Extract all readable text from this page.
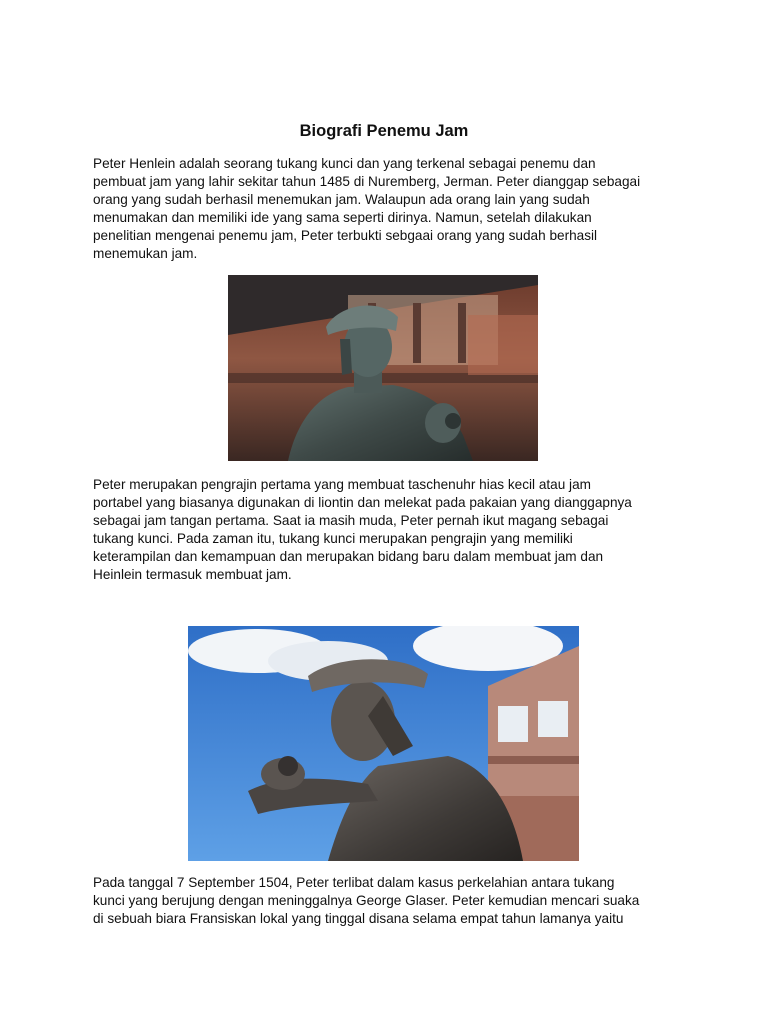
Biografi Penemu Jam
Peter Henlein adalah seorang tukang kunci dan yang terkenal sebagai penemu dan
pembuat jam yang lahir sekitar tahun 1485 di Nuremberg, Jerman. Peter dianggap sebagai
orang yang sudah berhasil menemukan jam. Walaupun ada orang lain yang sudah
menumakan dan memiliki ide yang sama seperti dirinya. Namun, setelah dilakukan
penelitian mengenai penemu jam, Peter terbukti sebgaai orang yang sudah berhasil
menemukan jam.
Peter merupakan pengrajin pertama yang membuat taschenuhr hias kecil atau jam
portabel yang biasanya digunakan di liontin dan melekat pada pakaian yang dianggapnya
sebagai jam tangan pertama. Saat ia masih muda, Peter pernah ikut magang sebagai
tukang kunci. Pada zaman itu, tukang kunci merupakan pengrajin yang memiliki
keterampilan dan kemampuan dan merupakan bidang baru dalam membuat jam dan
Heinlein termasuk membuat jam.
Pada tanggal 7 September 1504, Peter terlibat dalam kasus perkelahian antara tukang
kunci yang berujung dengan meninggalnya George Glaser. Peter kemudian mencari suaka
di sebuah biara Fransiskan lokal yang tinggal disana selama empat tahun lamanya yaitu
